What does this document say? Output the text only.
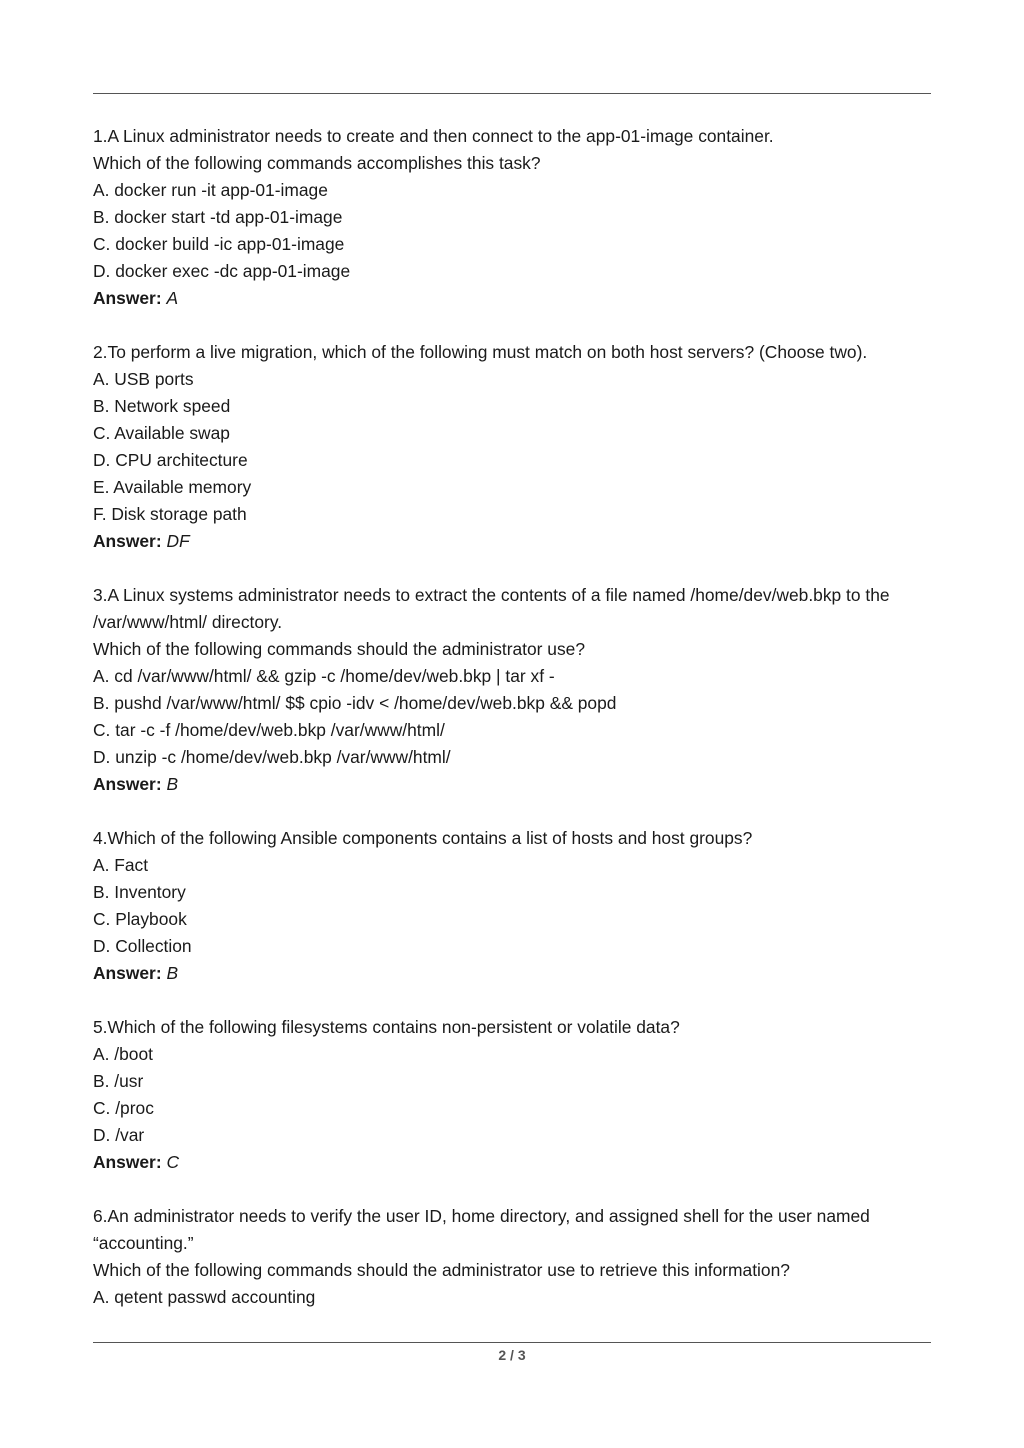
1.A Linux administrator needs to create and then connect to the app-01-image container.
Which of the following commands accomplishes this task?
A. docker run -it app-01-image
B. docker start -td app-01-image
C. docker build -ic app-01-image
D. docker exec -dc app-01-image
Answer: A
2.To perform a live migration, which of the following must match on both host servers? (Choose two).
A. USB ports
B. Network speed
C. Available swap
D. CPU architecture
E. Available memory
F. Disk storage path
Answer: DF
3.A Linux systems administrator needs to extract the contents of a file named /home/dev/web.bkp to the
/var/www/html/ directory.
Which of the following commands should the administrator use?
A. cd /var/www/html/ && gzip -c /home/dev/web.bkp | tar xf -
B. pushd /var/www/html/ $$ cpio -idv < /home/dev/web.bkp && popd
C. tar -c -f /home/dev/web.bkp /var/www/html/
D. unzip -c /home/dev/web.bkp /var/www/html/
Answer: B
4.Which of the following Ansible components contains a list of hosts and host groups?
A. Fact
B. Inventory
C. Playbook
D. Collection
Answer: B
5.Which of the following filesystems contains non-persistent or volatile data?
A. /boot
B. /usr
C. /proc
D. /var
Answer: C
6.An administrator needs to verify the user ID, home directory, and assigned shell for the user named
“accounting.”
Which of the following commands should the administrator use to retrieve this information?
A. qetent passwd accounting
2 / 3
